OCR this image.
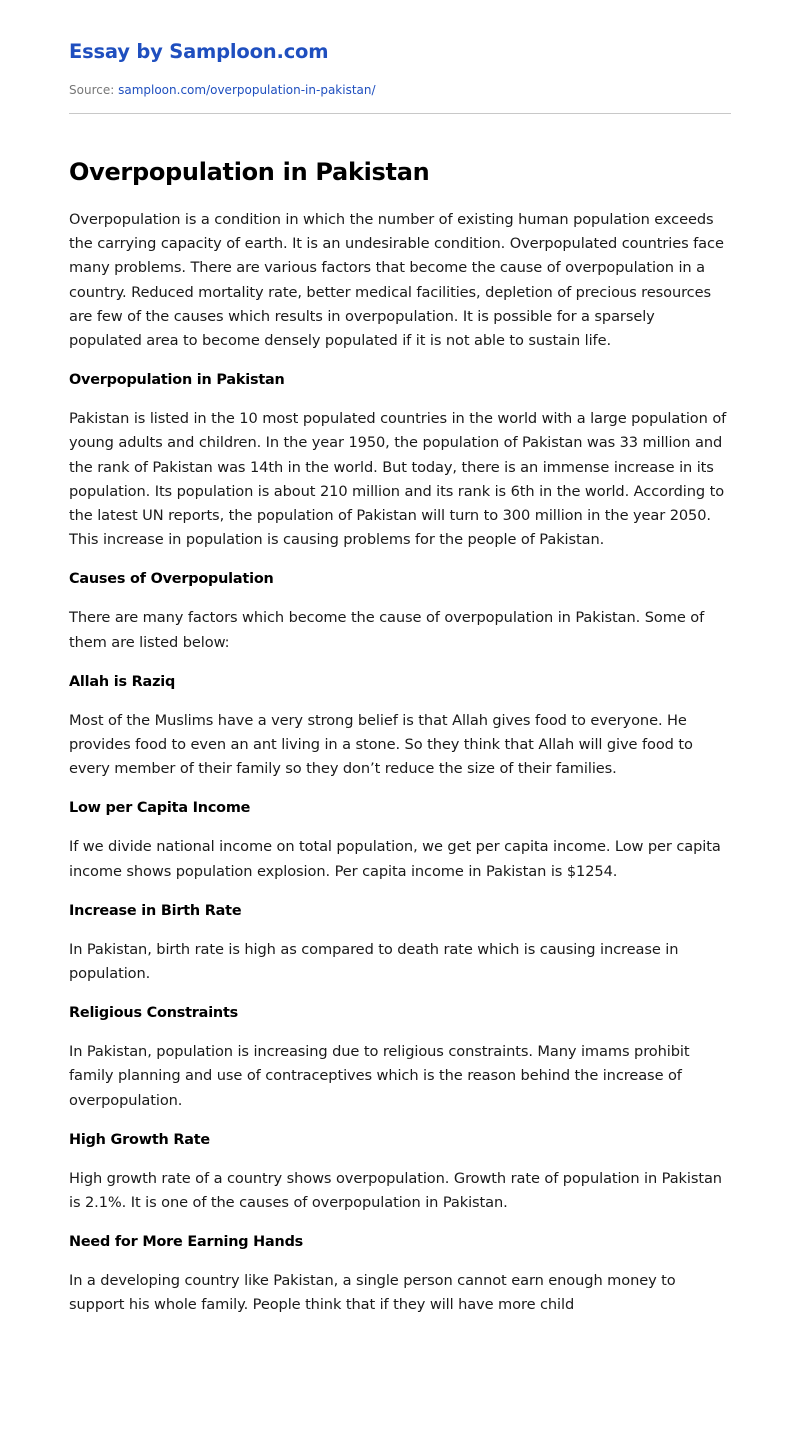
Essay by Samploon.com
Source: samploon.com/overpopulation-in-pakistan/
Overpopulation in Pakistan

Overpopulation is a condition in which the number of existing human population exceeds the carrying capacity of earth. It is an undesirable condition. Overpopulated countries face many problems. There are various factors that become the cause of overpopulation in a country. Reduced mortality rate, better medical facilities, depletion of precious resources are few of the causes which results in overpopulation. It is possible for a sparsely populated area to become densely populated if it is not able to sustain life.

Overpopulation in Pakistan

Pakistan is listed in the 10 most populated countries in the world with a large population of young adults and children. In the year 1950, the population of Pakistan was 33 million and the rank of Pakistan was 14th in the world. But today, there is an immense increase in its population. Its population is about 210 million and its rank is 6th in the world. According to the latest UN reports, the population of Pakistan will turn to 300 million in the year 2050. This increase in population is causing problems for the people of Pakistan.

Causes of Overpopulation

There are many factors which become the cause of overpopulation in Pakistan. Some of them are listed below:

Allah is Raziq

Most of the Muslims have a very strong belief is that Allah gives food to everyone. He provides food to even an ant living in a stone. So they think that Allah will give food to every member of their family so they don’t reduce the size of their families.

Low per Capita Income

If we divide national income on total population, we get per capita income. Low per capita income shows population explosion. Per capita income in Pakistan is $1254.

Increase in Birth Rate

In Pakistan, birth rate is high as compared to death rate which is causing increase in population.

Religious Constraints

In Pakistan, population is increasing due to religious constraints. Many imams prohibit family planning and use of contraceptives which is the reason behind the increase of overpopulation.

High Growth Rate

High growth rate of a country shows overpopulation. Growth rate of population in Pakistan is 2.1%. It is one of the causes of overpopulation in Pakistan.

Need for More Earning Hands

In a developing country like Pakistan, a single person cannot earn enough money to support his whole family. People think that if they will have more child
